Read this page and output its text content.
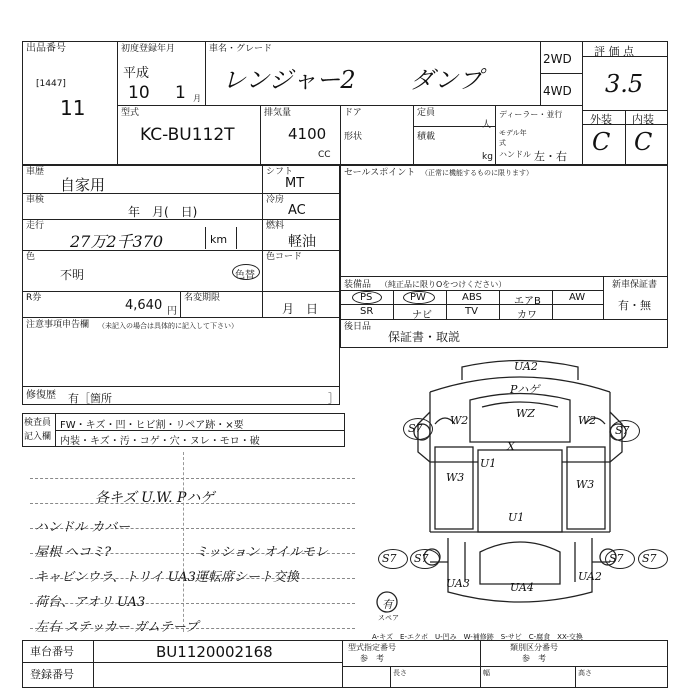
出品番号
[1447]
11
初度登録年月
平成
10 1 月
車名・グレード
レンジャー2 ダンプ
2WD
4WD
評 価 点
3.5
外装 内装
C C
型式
KC-BU112T
排気量
4100
CC
ドア
形状
定員
人
積載
kg
ディーラー・並行
モデル年式
ハンドル 左・右
車歴
自家用
シフト
MT
車検
年　月(　日)
冷房
AC
走行
27万2千370	km
燃料
軽油
色
不明	色替
色コード
R券	4,640 円
名変期限
月　日
注意事項申告欄 （未記入の場合は具体的に記入して下さい）
修復歴 有［箇所	］
セールスポイント （正常に機能するものに限ります）
装備品 （純正品に限りOをつけください）	新車保証書
有・無
PS	PW	ABS	エアB	AW
SR	ナビ	TV	カワ
後日品
保証書・取説
検査員
記入欄
FW・キズ・凹・ヒビ割・リペア跡・×要
内装・キズ・汚・コゲ・穴・ヌレ・モロ・破
各キズ U.W. Pハゲ
ハンドル カバー
屋根 ヘコミ?
キャビンウラ、トリイ UA3
荷台、アオリ UA3
左右 ステッカー ガムテープ
ミッション オイルモレ
運転席シート交換
UA2
Pハゲ
WZ
W2	W2
S7	S7
X
U1
W3
W3
U1
S7 S7	S7 S7
UA3	UA4
UA2
有
スペア
A-キズ　E-エクボ　U-凹み　W-補修跡　S-サビ　C-腐食　XX-交換
車台番号	BU1120002168
登録番号
型式指定番号
参　考
類別区分番号
参　考
長さ	幅	高さ
